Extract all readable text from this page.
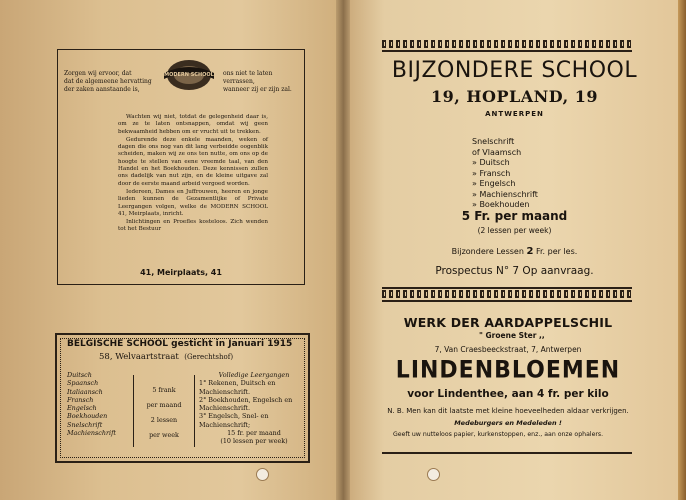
MODERN SCHOOL
Zorgen wij ervoor, dat
dat de algemeene hervatting
der zaken aanstaande is,
ons niet te laten verrassen,
wanneer zij er zijn zal.

Wachten wij niet, totdat de gelegenheid daar is, om ze te laten ontsnappen, omdat wij geen bekwaamheid hebben om er vrucht uit te trekken.

Gedurende deze enkele maanden, weken of dagen die ons nog van dit lang verbeidde oogenblik scheiden, maken wij ze ons ten nutte, om ons op de hoogte te stellen van eene vreemde taal, van den Handel en het Boekhouden. Deze kennissen zullen ons dadelijk van nut zijn, en de kleine uitgave zal door de eerste maand arbeid vergoed worden.

Iedereen, Dames en Juffrouwen, heeren en jonge lieden kunnen de Gezamentlijke of Private Leergangen volgen, welke de MODERN SCHOOL 41, Meirplaats, inricht.

Inlichtingen en Proefles kosteloos. Zich wenden tot het Bestuur

41, Meirplaats, 41
BELGISCHE SCHOOL gesticht in Januari 1915
58, Welvaartstraat (Gerechtshof)
Duitsch
Spaansch
Italiaansch
Fransch
Engelsch
Boekhouden
Snelschrift
Machienschrift
5 frank
per maand
2 lessen
per week
Volledige Leergangen
1° Rekenen, Duitsch en Machienschrift.
2° Boekhouden, Engelsch en Machienschrift.
3° Engelsch, Snel- en Machienschrift;
15 fr. per maand
(10 lessen per week)
BIJZONDERE SCHOOL
19, HOPLAND, 19
ANTWERPEN
Snelschrift
of Vlaamsch
» Duitsch
» Fransch
» Engelsch
» Machienschrift
» Boekhouden
5 Fr. per maand
(2 lessen per week)
Bijzondere Lessen 2 Fr. per les.
Prospectus N° 7 Op aanvraag.
WERK DER AARDAPPELSCHIL
" Groene Ster ,,
7, Van Craesbeeckstraat, 7, Antwerpen
LINDENBLOEMEN
voor Lindenthee, aan 4 fr. per kilo
N. B. Men kan dit laatste met kleine hoeveelheden aldaar verkrijgen.
Medeburgers en Medeleden !
Geeft uw nutteloos papier, kurkenstoppen, enz., aan onze ophalers.
